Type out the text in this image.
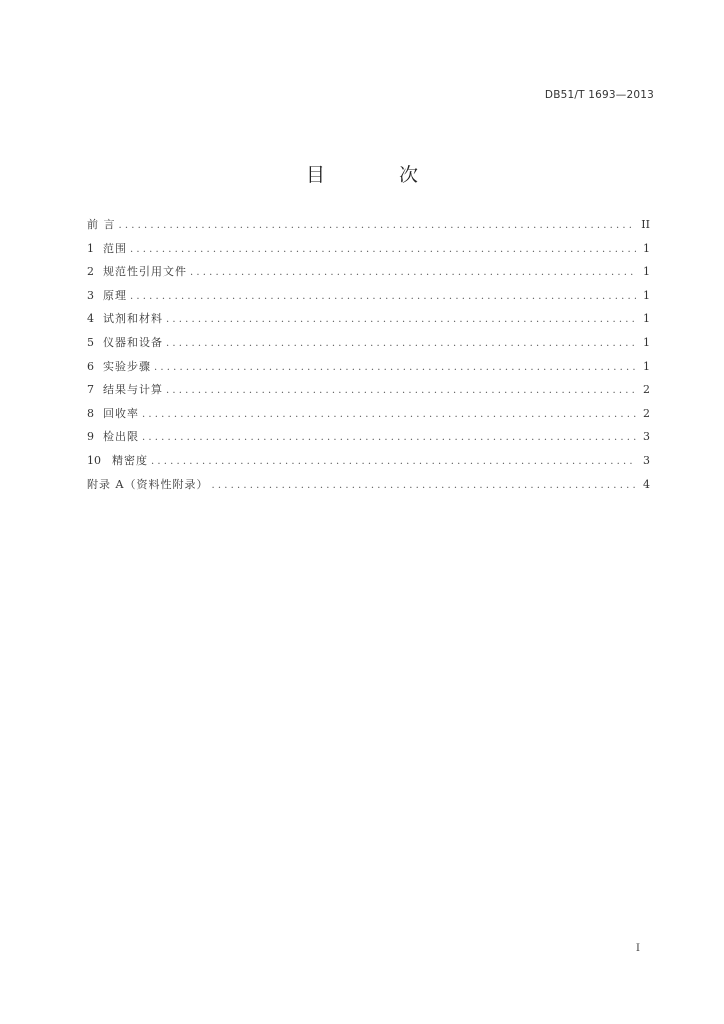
DB51/T 1693—2013
目 次
前 言 .....	II
1 范围 .....	1
2 规范性引用文件 .....	1
3 原理 .....	1
4 试剂和材料 .....	1
5 仪器和设备 .....	1
6 实验步骤 .....	1
7 结果与计算 .....	2
8 回收率 .....	2
9 检出限 .....	3
10 精密度 .....	3
附录 A（资料性附录） .....	4
I
